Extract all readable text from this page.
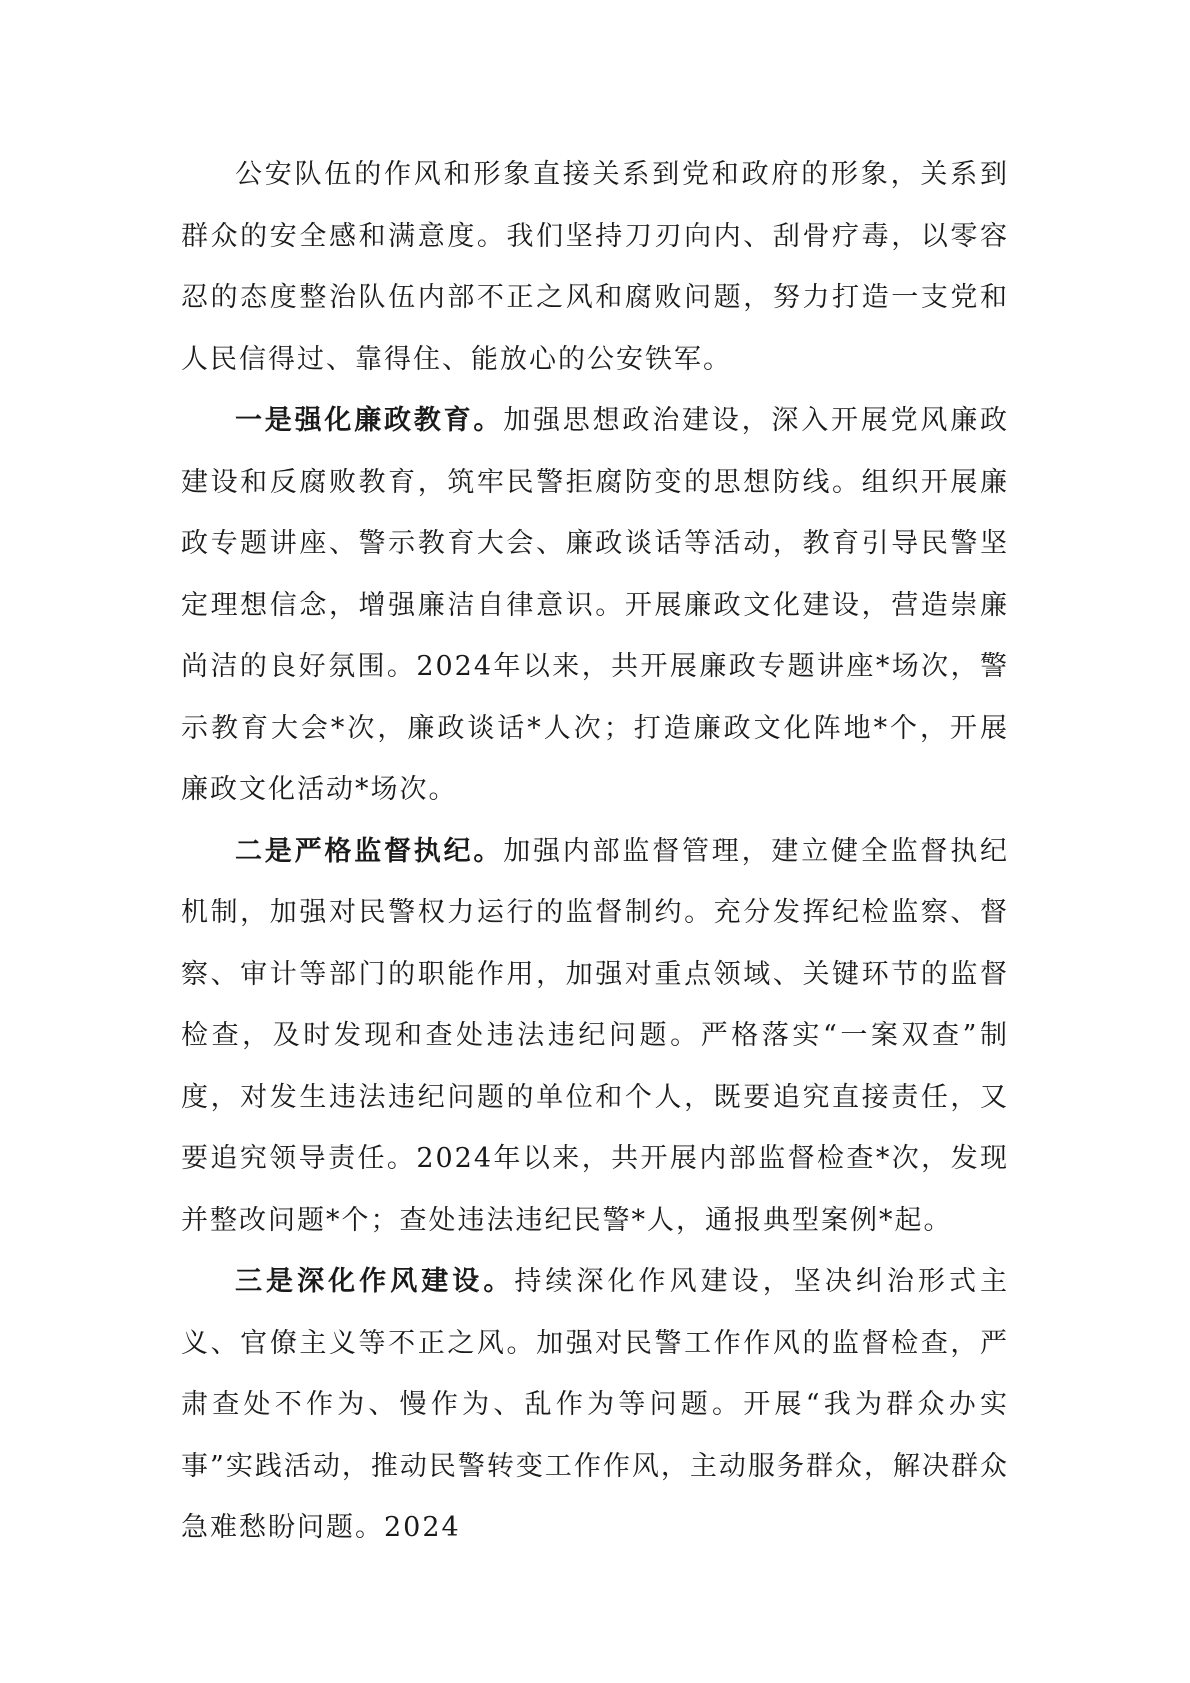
公安队伍的作风和形象直接关系到党和政府的形象，关系到群众的安全感和满意度。我们坚持刀刃向内、刮骨疗毒，以零容忍的态度整治队伍内部不正之风和腐败问题，努力打造一支党和人民信得过、靠得住、能放心的公安铁军。

一是强化廉政教育。加强思想政治建设，深入开展党风廉政建设和反腐败教育，筑牢民警拒腐防变的思想防线。组织开展廉政专题讲座、警示教育大会、廉政谈话等活动，教育引导民警坚定理想信念，增强廉洁自律意识。开展廉政文化建设，营造崇廉尚洁的良好氛围。2024年以来，共开展廉政专题讲座*场次，警示教育大会*次，廉政谈话*人次；打造廉政文化阵地*个，开展廉政文化活动*场次。

二是严格监督执纪。加强内部监督管理，建立健全监督执纪机制，加强对民警权力运行的监督制约。充分发挥纪检监察、督察、审计等部门的职能作用，加强对重点领域、关键环节的监督检查，及时发现和查处违法违纪问题。严格落实“一案双查”制度，对发生违法违纪问题的单位和个人，既要追究直接责任，又要追究领导责任。2024年以来，共开展内部监督检查*次，发现并整改问题*个；查处违法违纪民警*人，通报典型案例*起。

三是深化作风建设。持续深化作风建设，坚决纠治形式主义、官僚主义等不正之风。加强对民警工作作风的监督检查，严肃查处不作为、慢作为、乱作为等问题。开展“我为群众办实事”实践活动，推动民警转变工作作风，主动服务群众，解决群众急难愁盼问题。2024
